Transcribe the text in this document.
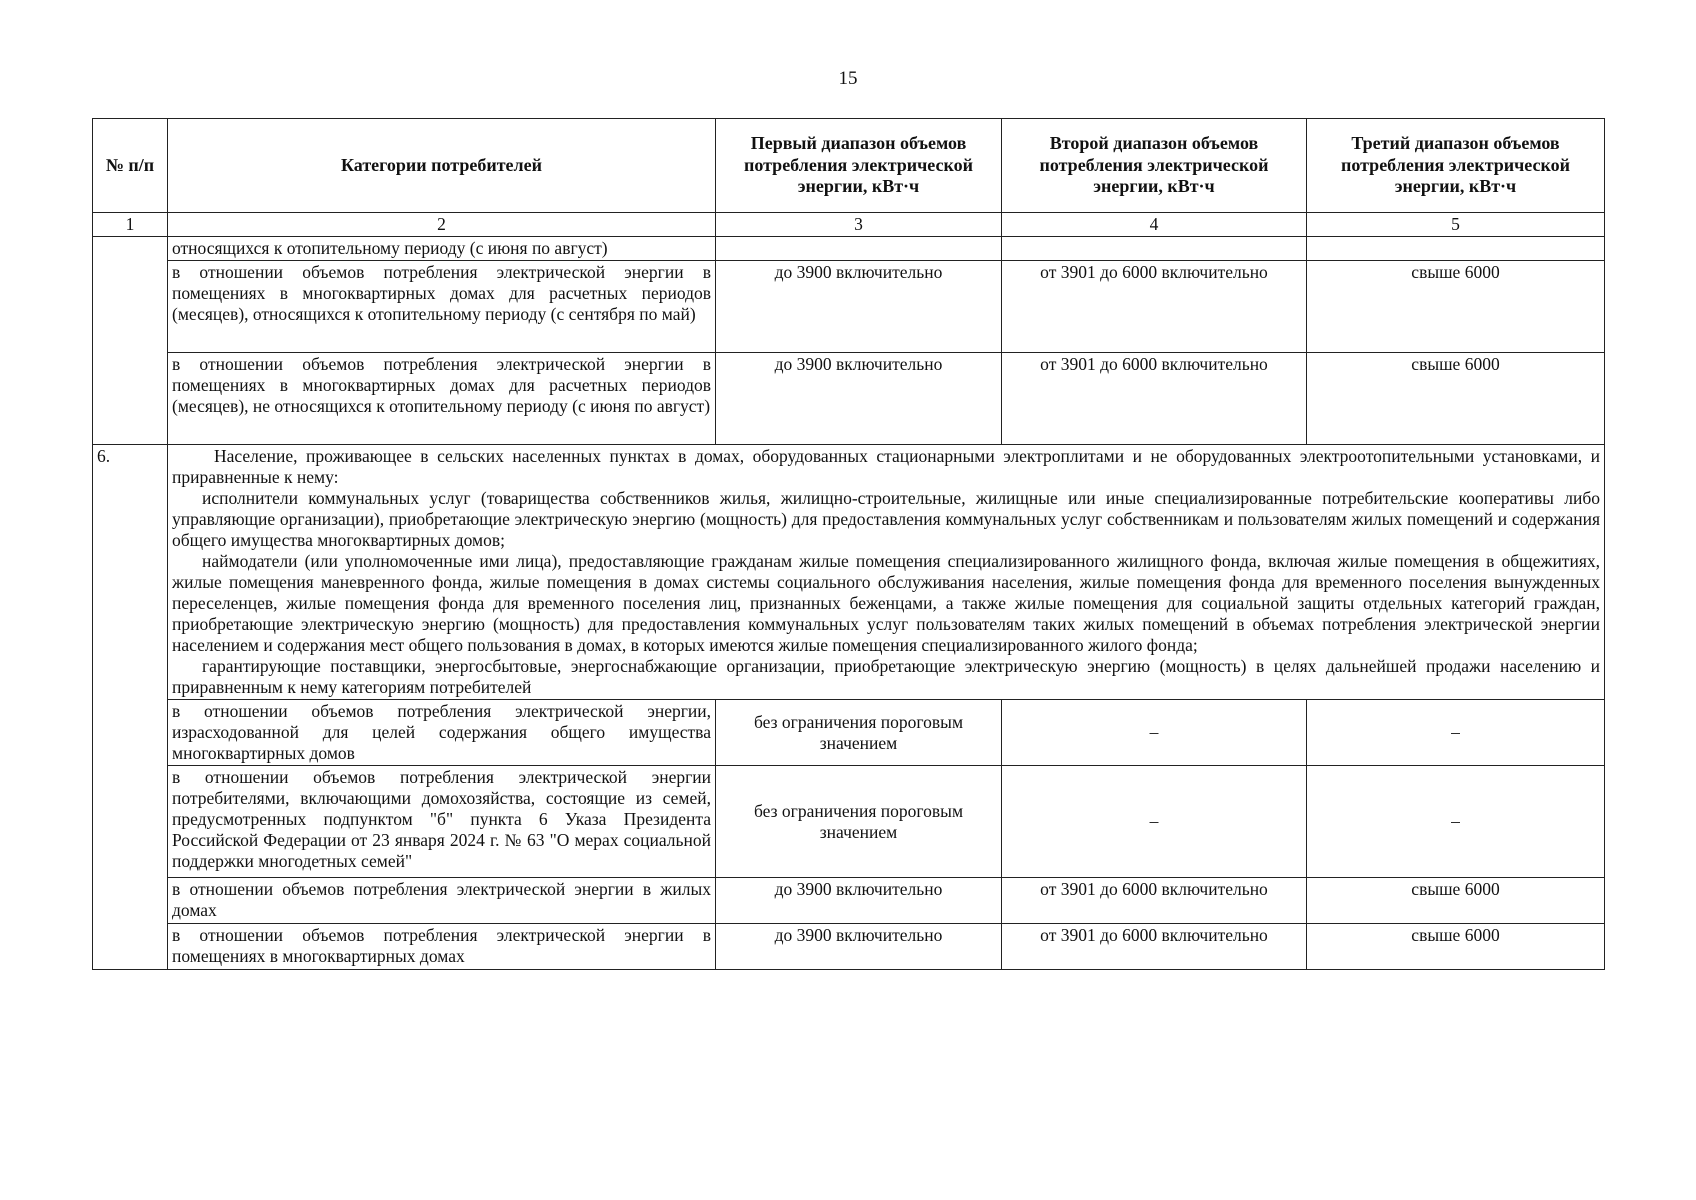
15
№ п/п	Категории потребителей	Первый диапазон объемов потребления электрической энергии, кВт·ч	Второй диапазон объемов потребления электрической энергии, кВт·ч	Третий диапазон объемов потребления электрической энергии, кВт·ч
1	2	3	4	5
	относящихся к отопительному периоду (с июня по август)			
	в отношении объемов потребления электрической энергии в помещениях в многоквартирных домах для расчетных периодов (месяцев), относящихся к отопительному периоду (с сентября по май)	до 3900 включительно	от 3901 до 6000 включительно	свыше 6000
	в отношении объемов потребления электрической энергии в помещениях в многоквартирных домах для расчетных периодов (месяцев), не относящихся к отопительному периоду (с июня по август)	до 3900 включительно	от 3901 до 6000 включительно	свыше 6000
6.	Население, проживающее в сельских населенных пунктах в домах, оборудованных стационарными электроплитами и не оборудованных электроотопительными установками, и приравненные к нему:

исполнители коммунальных услуг (товарищества собственников жилья, жилищно-строительные, жилищные или иные специализированные потребительские кооперативы либо управляющие организации), приобретающие электрическую энергию (мощность) для предоставления коммунальных услуг собственникам и пользователям жилых помещений и содержания общего имущества многоквартирных домов;

наймодатели (или уполномоченные ими лица), предоставляющие гражданам жилые помещения специализированного жилищного фонда, включая жилые помещения в общежитиях, жилые помещения маневренного фонда, жилые помещения в домах системы социального обслуживания населения, жилые помещения фонда для временного поселения вынужденных переселенцев, жилые помещения фонда для временного поселения лиц, признанных беженцами, а также жилые помещения для социальной защиты отдельных категорий граждан, приобретающие электрическую энергию (мощность) для предоставления коммунальных услуг пользователям таких жилых помещений в объемах потребления электрической энергии населением и содержания мест общего пользования в домах, в которых имеются жилые помещения специализированного жилого фонда;

гарантирующие поставщики, энергосбытовые, энергоснабжающие организации, приобретающие электрическую энергию (мощность) в целях дальнейшей продажи населению и приравненным к нему категориям потребителей			

	в отношении объемов потребления электрической энергии, израсходованной для целей содержания общего имущества многоквартирных домов	без ограничения пороговым значением	–	–
	в отношении объемов потребления электрической энергии потребителями, включающими домохозяйства, состоящие из семей, предусмотренных подпунктом "б" пункта 6 Указа Президента Российской Федерации от 23 января 2024 г. № 63 "О мерах социальной поддержки многодетных семей"	без ограничения пороговым значением	–	–
	в отношении объемов потребления электрической энергии в жилых домах	до 3900 включительно	от 3901 до 6000 включительно	свыше 6000
	в отношении объемов потребления электрической энергии в помещениях в многоквартирных домах	до 3900 включительно	от 3901 до 6000 включительно	свыше 6000
